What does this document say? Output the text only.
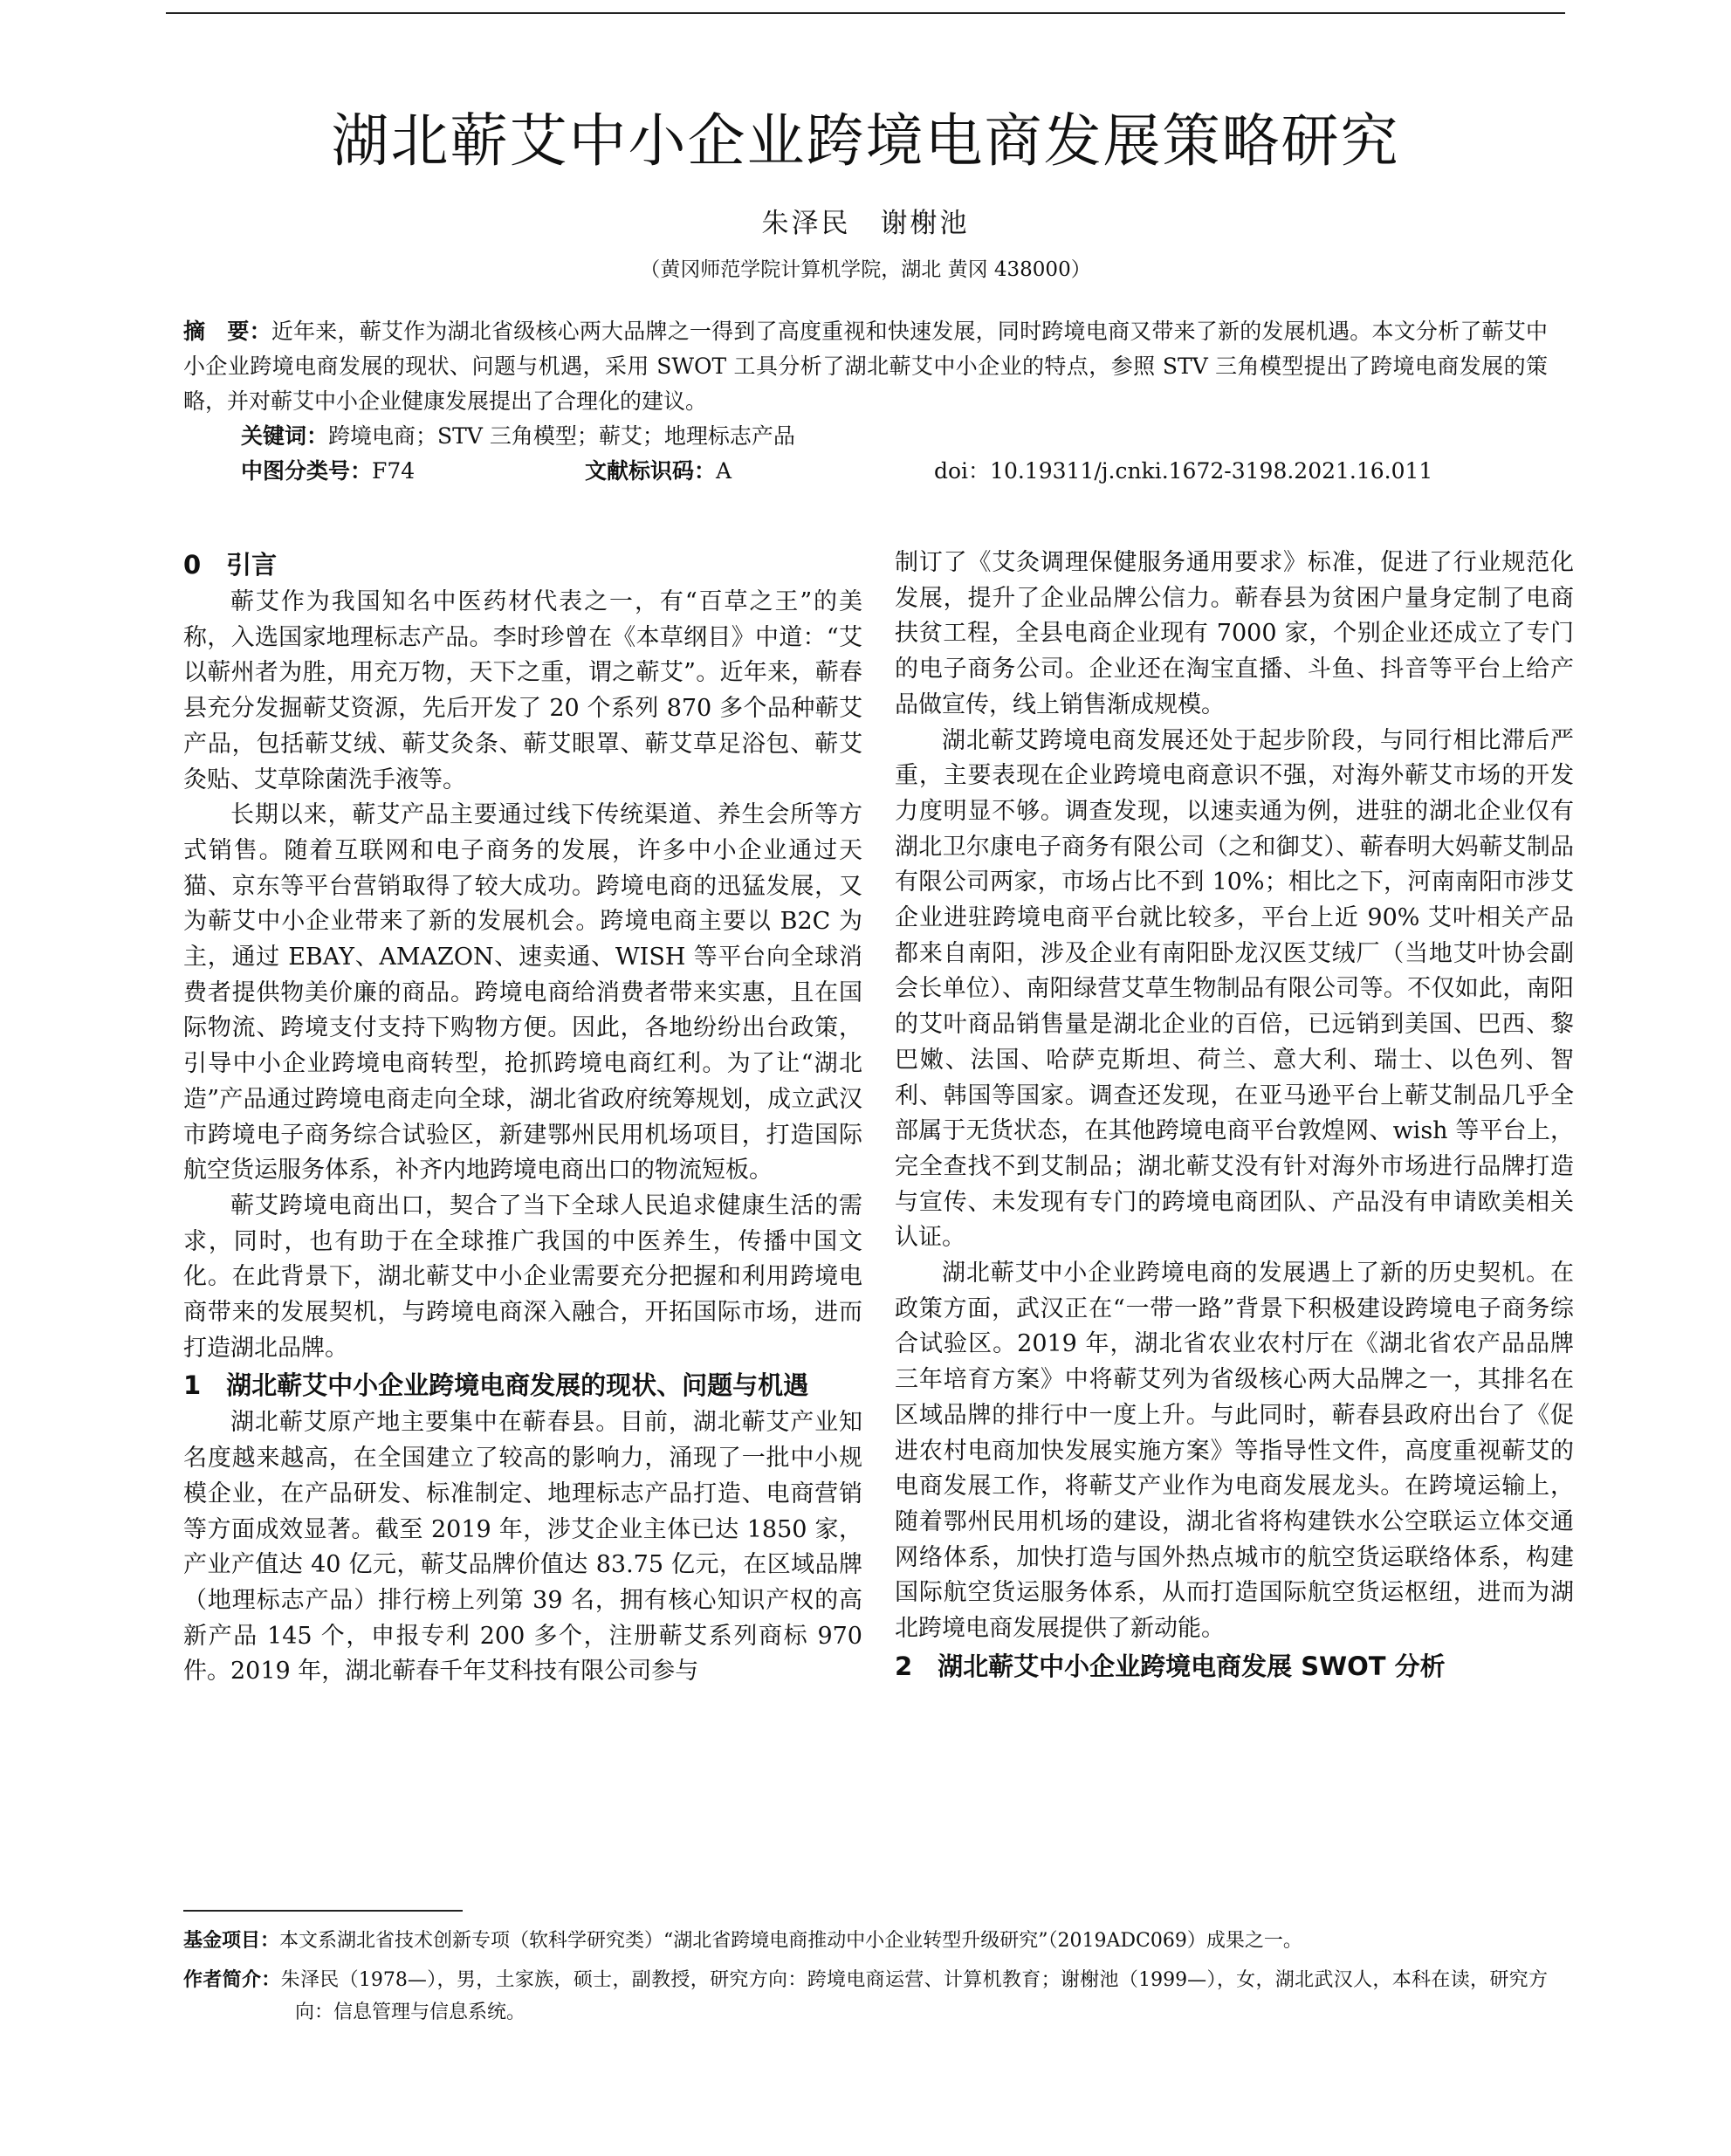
湖北蕲艾中小企业跨境电商发展策略研究
朱泽民　谢榭池
（黄冈师范学院计算机学院，湖北 黄冈 438000）

摘　要：近年来，蕲艾作为湖北省级核心两大品牌之一得到了高度重视和快速发展，同时跨境电商又带来了新的发展机遇。本文分析了蕲艾中小企业跨境电商发展的现状、问题与机遇，采用 SWOT 工具分析了湖北蕲艾中小企业的特点，参照 STV 三角模型提出了跨境电商发展的策略，并对蕲艾中小企业健康发展提出了合理化的建议。

关键词：跨境电商；STV 三角模型；蕲艾；地理标志产品

中图分类号：F74	文献标识码：A	doi：10.19311/j.cnki.1672-3198.2021.16.011
0　引言

蕲艾作为我国知名中医药材代表之一，有“百草之王”的美称，入选国家地理标志产品。李时珍曾在《本草纲目》中道：“艾以蕲州者为胜，用充万物，天下之重，谓之蕲艾”。近年来，蕲春县充分发掘蕲艾资源，先后开发了 20 个系列 870 多个品种蕲艾产品，包括蕲艾绒、蕲艾灸条、蕲艾眼罩、蕲艾草足浴包、蕲艾灸贴、艾草除菌洗手液等。

长期以来，蕲艾产品主要通过线下传统渠道、养生会所等方式销售。随着互联网和电子商务的发展，许多中小企业通过天猫、京东等平台营销取得了较大成功。跨境电商的迅猛发展，又为蕲艾中小企业带来了新的发展机会。跨境电商主要以 B2C 为主，通过 EBAY、AMAZON、速卖通、WISH 等平台向全球消费者提供物美价廉的商品。跨境电商给消费者带来实惠，且在国际物流、跨境支付支持下购物方便。因此，各地纷纷出台政策，引导中小企业跨境电商转型，抢抓跨境电商红利。为了让“湖北造”产品通过跨境电商走向全球，湖北省政府统筹规划，成立武汉市跨境电子商务综合试验区，新建鄂州民用机场项目，打造国际航空货运服务体系，补齐内地跨境电商出口的物流短板。

蕲艾跨境电商出口，契合了当下全球人民追求健康生活的需求，同时，也有助于在全球推广我国的中医养生，传播中国文化。在此背景下，湖北蕲艾中小企业需要充分把握和利用跨境电商带来的发展契机，与跨境电商深入融合，开拓国际市场，进而打造湖北品牌。

1　湖北蕲艾中小企业跨境电商发展的现状、问题与机遇

湖北蕲艾原产地主要集中在蕲春县。目前，湖北蕲艾产业知名度越来越高，在全国建立了较高的影响力，涌现了一批中小规模企业，在产品研发、标准制定、地理标志产品打造、电商营销等方面成效显著。截至 2019 年，涉艾企业主体已达 1850 家，产业产值达 40 亿元，蕲艾品牌价值达 83.75 亿元，在区域品牌（地理标志产品）排行榜上列第 39 名，拥有核心知识产权的高新产品 145 个，申报专利 200 多个，注册蕲艾系列商标 970 件。2019 年，湖北蕲春千年艾科技有限公司参与

制订了《艾灸调理保健服务通用要求》标准，促进了行业规范化发展，提升了企业品牌公信力。蕲春县为贫困户量身定制了电商扶贫工程，全县电商企业现有 7000 家，个别企业还成立了专门的电子商务公司。企业还在淘宝直播、斗鱼、抖音等平台上给产品做宣传，线上销售渐成规模。

湖北蕲艾跨境电商发展还处于起步阶段，与同行相比滞后严重，主要表现在企业跨境电商意识不强，对海外蕲艾市场的开发力度明显不够。调查发现，以速卖通为例，进驻的湖北企业仅有湖北卫尔康电子商务有限公司（之和御艾）、蕲春明大妈蕲艾制品有限公司两家，市场占比不到 10%；相比之下，河南南阳市涉艾企业进驻跨境电商平台就比较多，平台上近 90% 艾叶相关产品都来自南阳，涉及企业有南阳卧龙汉医艾绒厂（当地艾叶协会副会长单位）、南阳绿营艾草生物制品有限公司等。不仅如此，南阳的艾叶商品销售量是湖北企业的百倍，已远销到美国、巴西、黎巴嫩、法国、哈萨克斯坦、荷兰、意大利、瑞士、以色列、智利、韩国等国家。调查还发现，在亚马逊平台上蕲艾制品几乎全部属于无货状态，在其他跨境电商平台敦煌网、wish 等平台上，完全查找不到艾制品；湖北蕲艾没有针对海外市场进行品牌打造与宣传、未发现有专门的跨境电商团队、产品没有申请欧美相关认证。

湖北蕲艾中小企业跨境电商的发展遇上了新的历史契机。在政策方面，武汉正在“一带一路”背景下积极建设跨境电子商务综合试验区。2019 年，湖北省农业农村厅在《湖北省农产品品牌三年培育方案》中将蕲艾列为省级核心两大品牌之一，其排名在区域品牌的排行中一度上升。与此同时，蕲春县政府出台了《促进农村电商加快发展实施方案》等指导性文件，高度重视蕲艾的电商发展工作，将蕲艾产业作为电商发展龙头。在跨境运输上，随着鄂州民用机场的建设，湖北省将构建铁水公空联运立体交通网络体系，加快打造与国外热点城市的航空货运联络体系，构建国际航空货运服务体系，从而打造国际航空货运枢纽，进而为湖北跨境电商发展提供了新动能。

2　湖北蕲艾中小企业跨境电商发展 SWOT 分析

基金项目：本文系湖北省技术创新专项（软科学研究类）“湖北省跨境电商推动中小企业转型升级研究”（2019ADC069）成果之一。

作者简介：朱泽民（1978—），男，土家族，硕士，副教授，研究方向：跨境电商运营、计算机教育；谢榭池（1999—），女，湖北武汉人，本科在读，研究方向：信息管理与信息系统。
